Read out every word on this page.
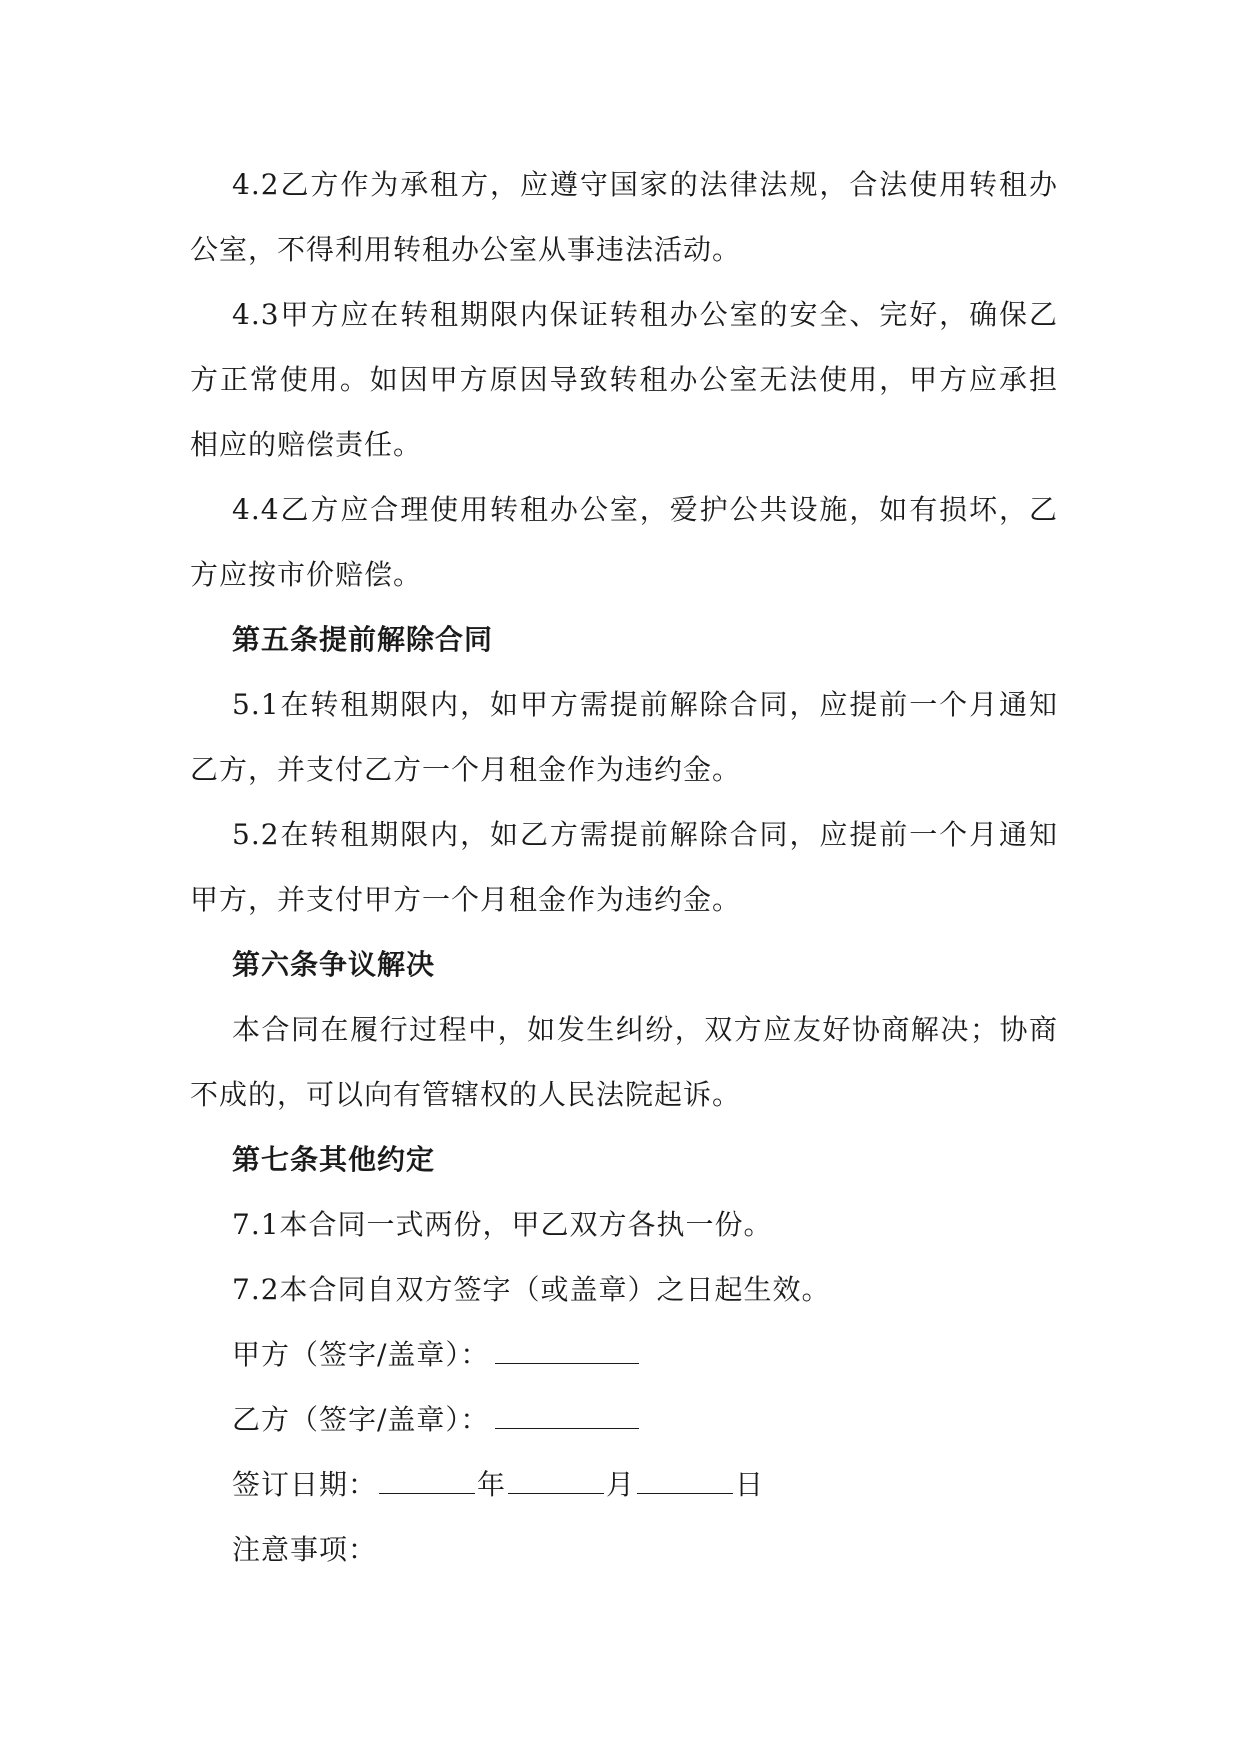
4.2乙方作为承租方，应遵守国家的法律法规，合法使用转租办公室，不得利用转租办公室从事违法活动。

4.3甲方应在转租期限内保证转租办公室的安全、完好，确保乙方正常使用。如因甲方原因导致转租办公室无法使用，甲方应承担相应的赔偿责任。

4.4乙方应合理使用转租办公室，爱护公共设施，如有损坏，乙方应按市价赔偿。

第五条提前解除合同

5.1在转租期限内，如甲方需提前解除合同，应提前一个月通知乙方，并支付乙方一个月租金作为违约金。

5.2在转租期限内，如乙方需提前解除合同，应提前一个月通知甲方，并支付甲方一个月租金作为违约金。

第六条争议解决

本合同在履行过程中，如发生纠纷，双方应友好协商解决；协商不成的，可以向有管辖权的人民法院起诉。

第七条其他约定

7.1本合同一式两份，甲乙双方各执一份。

7.2本合同自双方签字（或盖章）之日起生效。

甲方（签字/盖章）：

乙方（签字/盖章）：

签订日期：	年	月	日

注意事项：
